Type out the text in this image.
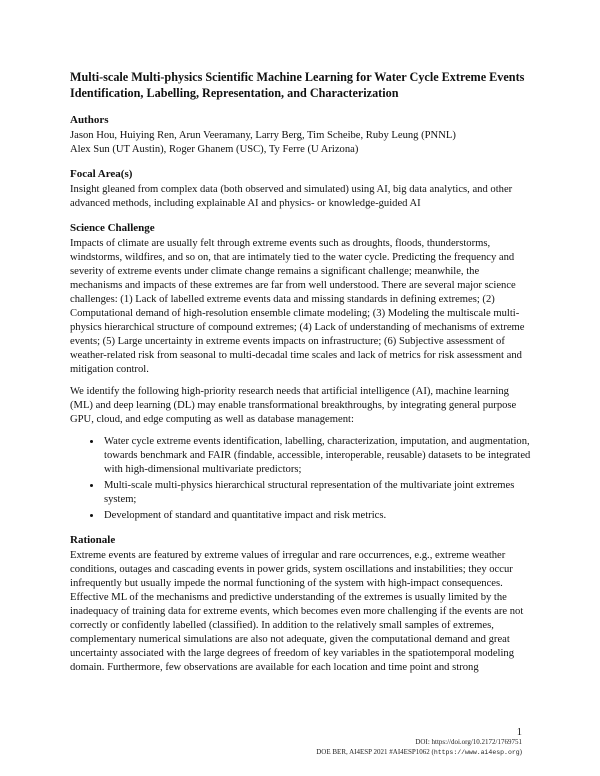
Multi-scale Multi-physics Scientific Machine Learning for Water Cycle Extreme Events Identification, Labelling, Representation, and Characterization
Authors
Jason Hou, Huiying Ren, Arun Veeramany, Larry Berg, Tim Scheibe, Ruby Leung (PNNL)
Alex Sun (UT Austin), Roger Ghanem (USC), Ty Ferre (U Arizona)
Focal Area(s)

Insight gleaned from complex data (both observed and simulated) using AI, big data analytics, and other advanced methods, including explainable AI and physics- or knowledge-guided AI

Science Challenge

Impacts of climate are usually felt through extreme events such as droughts, floods, thunderstorms, windstorms, wildfires, and so on, that are intimately tied to the water cycle. Predicting the frequency and severity of extreme events under climate change remains a significant challenge; meanwhile, the mechanisms and impacts of these extremes are far from well understood. There are several major science challenges: (1) Lack of labelled extreme events data and missing standards in defining extremes; (2) Computational demand of high-resolution ensemble climate modeling; (3) Modeling the multiscale multi-physics hierarchical structure of compound extremes; (4) Lack of understanding of mechanisms of extreme events; (5) Large uncertainty in extreme events impacts on infrastructure; (6) Subjective assessment of weather-related risk from seasonal to multi-decadal time scales and lack of metrics for risk assessment and mitigation control.

We identify the following high-priority research needs that artificial intelligence (AI), machine learning (ML) and deep learning (DL) may enable transformational breakthroughs, by integrating general purpose GPU, cloud, and edge computing as well as database management:

• Water cycle extreme events identification, labelling, characterization, imputation, and augmentation, towards benchmark and FAIR (findable, accessible, interoperable, reusable) datasets to be integrated with high-dimensional multivariate predictors;
• Multi-scale multi-physics hierarchical structural representation of the multivariate joint extremes system;
• Development of standard and quantitative impact and risk metrics.
Rationale

Extreme events are featured by extreme values of irregular and rare occurrences, e.g., extreme weather conditions, outages and cascading events in power grids, system oscillations and instabilities; they occur infrequently but usually impede the normal functioning of the system with high-impact consequences. Effective ML of the mechanisms and predictive understanding of the extremes is usually limited by the inadequacy of training data for extreme events, which becomes even more challenging if the events are not correctly or confidently labelled (classified). In addition to the relatively small samples of extremes, complementary numerical simulations are also not adequate, given the computational demand and great uncertainty associated with the large degrees of freedom of key variables in the spatiotemporal modeling domain. Furthermore, few observations are available for each location and time point and strong

1
DOI: https://doi.org/10.2172/1769751
DOE BER, AI4ESP 2021 #AI4ESP1062 (https://www.ai4esp.org)
